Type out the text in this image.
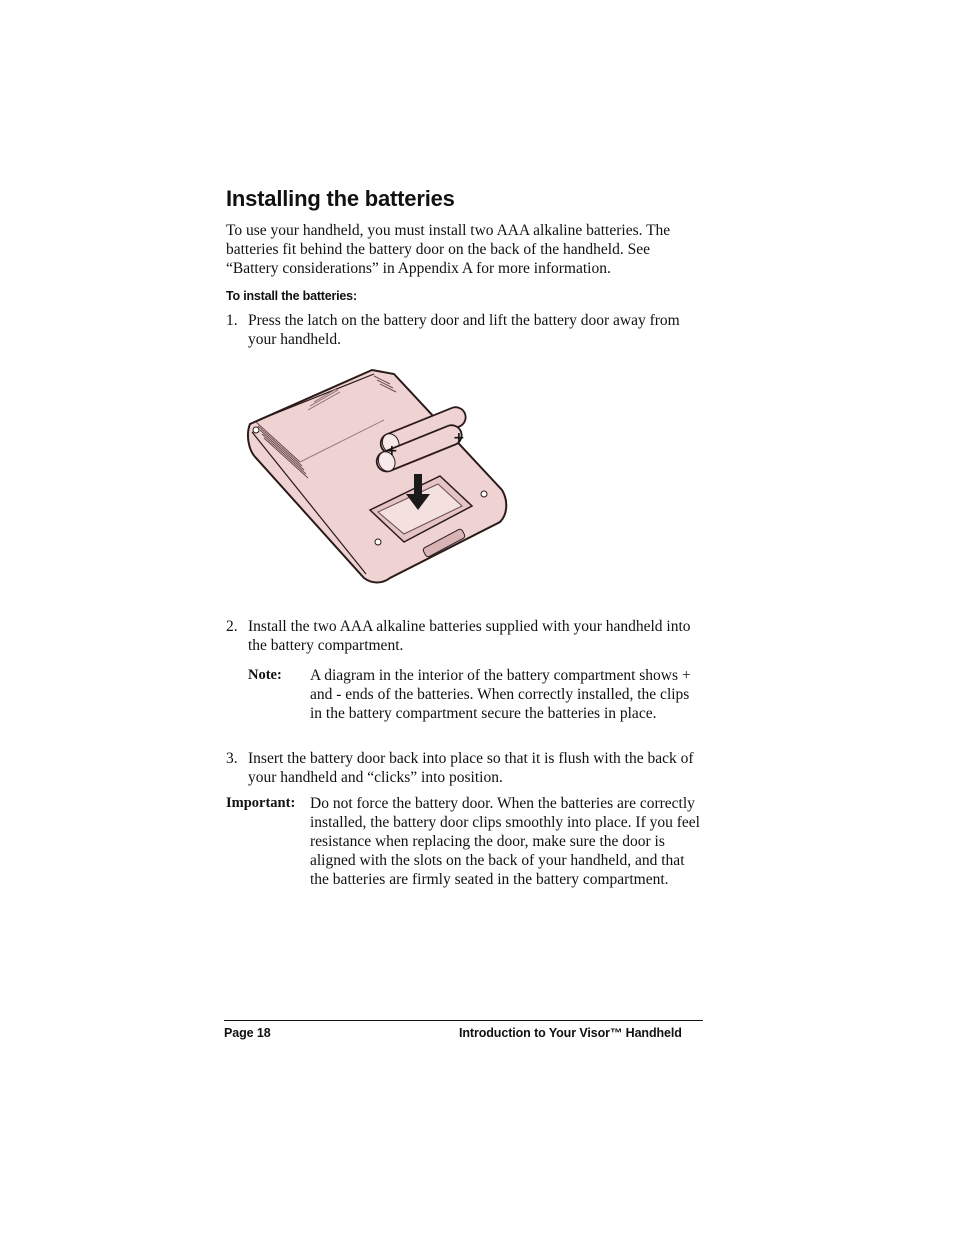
Installing the batteries

To use your handheld, you must install two AAA alkaline batteries. The batteries fit behind the battery door on the back of the handheld. See “Battery considerations” in Appendix A for more information.

To install the batteries:

1. Press the latch on the battery door and lift the battery door away from your handheld.
+
+
2. Install the two AAA alkaline batteries supplied with your handheld into the battery compartment.
Note: A diagram in the interior of the battery compartment shows + and - ends of the batteries. When correctly installed, the clips in the battery compartment secure the batteries in place.
3. Insert the battery door back into place so that it is flush with the back of your handheld and “clicks” into position.
Important: Do not force the battery door. When the batteries are correctly installed, the battery door clips smoothly into place. If you feel resistance when replacing the door, make sure the door is aligned with the slots on the back of your handheld, and that the batteries are firmly seated in the battery compartment.
Page 18	Introduction to Your Visor™ Handheld
